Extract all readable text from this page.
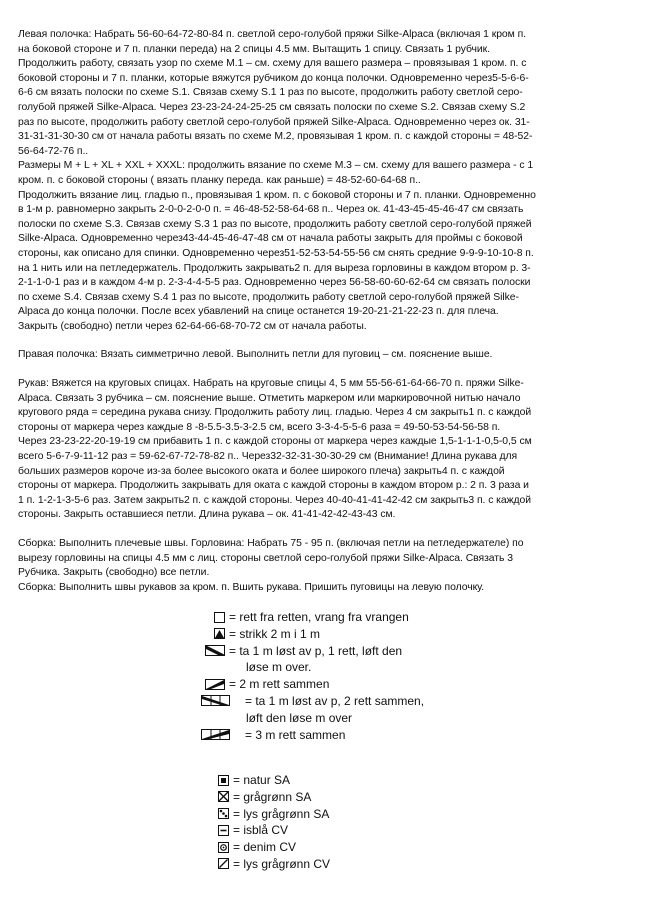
Левая полочка: Набрать 56-60-64-72-80-84 п. светлой серо-голубой пряжи Silke-Alpaca (включая 1 кром п.

на боковой стороне и 7 п. планки переда) на 2 спицы 4.5 мм. Вытащить 1 спицу. Связать 1 рубчик.

Продолжить работу, связать узор по схеме М.1 – см. схему для вашего размера – провязывая 1 кром. п. с

боковой стороны и 7 п. планки, которые вяжутся рубчиком до конца полочки. Одновременно через5-5-6-6-

6-6 см вязать полоски по схеме S.1. Связав схему S.1 1 раз по высоте, продолжить работу светлой серо-

голубой пряжей Silke-Alpaca. Через 23-23-24-24-25-25 см связать полоски по схеме S.2. Связав схему S.2

раз по высоте, продолжить работу светлой серо-голубой пряжей Silke-Alpaca. Одновременно через ок. 31-

31-31-31-30-30 см от начала работы вязать по схеме М.2, провязывая 1 кром. п. с каждой стороны = 48-52-

56-64-72-76 п..

Размеры M + L + XL + XXL + XXXL: продолжить вязание по схеме М.3 – см. схему для вашего размера - с 1

кром. п. с боковой стороны ( вязать планку переда. как раньше) = 48-52-60-64-68 п..

Продолжить вязание лиц. гладью п., провязывая 1 кром. п. с боковой стороны и 7 п. планки. Одновременно

в 1-м р. равномерно закрыть 2-0-0-2-0-0 п. = 46-48-52-58-64-68 п.. Через ок. 41-43-45-45-46-47 см связать

полоски по схеме S.3. Связав схему S.3 1 раз по высоте, продолжить работу светлой серо-голубой пряжей

Silke-Alpaca. Одновременно через43-44-45-46-47-48 см от начала работы закрыть для проймы с боковой

стороны, как описано для спинки. Одновременно через51-52-53-54-55-56 см снять средние 9-9-9-10-10-8 п.

на 1 нить или на петледержатель. Продолжить закрывать2 п. для выреза горловины в каждом втором р. 3-

2-1-1-0-1 раз и в каждом 4-м р. 2-3-4-4-5-5 раз. Одновременно через 56-58-60-60-62-64 см связать полоски

по схеме S.4. Связав схему S.4 1 раз по высоте, продолжить работу светлой серо-голубой пряжей Silke-

Alpaca до конца полочки. После всех убавлений на спице останется 19-20-21-21-22-23 п. для плеча.

Закрыть (свободно) петли через 62-64-66-68-70-72 см от начала работы.

Правая полочка: Вязать симметрично левой. Выполнить петли для пуговиц – см. пояснение выше.

Рукав: Вяжется на круговых спицах. Набрать на круговые спицы 4, 5 мм 55-56-61-64-66-70 п. пряжи Silke-

Alpaca. Связать 3 рубчика – см. пояснение выше. Отметить маркером или маркировочной нитью начало

кругового ряда = середина рукава снизу. Продолжить работу лиц. гладью. Через 4 см закрыть1 п. с каждой

стороны от маркера через каждые 8 -8-5.5-3.5-3-2.5 см, всего 3-3-4-5-5-6 раза = 49-50-53-54-56-58 п.

Через 23-23-22-20-19-19 см прибавить 1 п. с каждой стороны от маркера через каждые 1,5-1-1-1-0,5-0,5 см

всего 5-6-7-9-11-12 раз = 59-62-67-72-78-82 п.. Через32-32-31-30-30-29 см (Внимание! Длина рукава для

больших размеров короче из-за более высокого оката и более широкого плеча) закрыть4 п. с каждой

стороны от маркера. Продолжить закрывать для оката с каждой стороны в каждом втором р.: 2 п. 3 раза и

1 п. 1-2-1-3-5-6 раз. Затем закрыть2 п. с каждой стороны. Через 40-40-41-41-42-42 см закрыть3 п. с каждой

стороны. Закрыть оставшиеся петли. Длина рукава – ок. 41-41-42-42-43-43 см.

Сборка: Выполнить плечевые швы. Горловина: Набрать 75 - 95 п. (включая петли на петледержателе) по

вырезу горловины на спицы 4.5 мм с лиц. стороны светлой серо-голубой пряжи Silke-Alpaca. Связать 3

Рубчика. Закрыть (свободно) все петли.

Сборка: Выполнить швы рукавов за кром. п. Вшить рукава. Пришить пуговицы на левую полочку.

= rett fra retten, vrang fra vrangen
= strikk 2 m i 1 m
= ta 1 m løst av p, 1 rett, løft den
løse m over.
= 2 m rett sammen
= ta 1 m løst av p, 2 rett sammen,
løft den løse m over
= 3 m rett sammen
= natur SA
= grågrønn SA
= lys grågrønn SA
= isblå CV
= denim CV
= lys grågrønn CV
